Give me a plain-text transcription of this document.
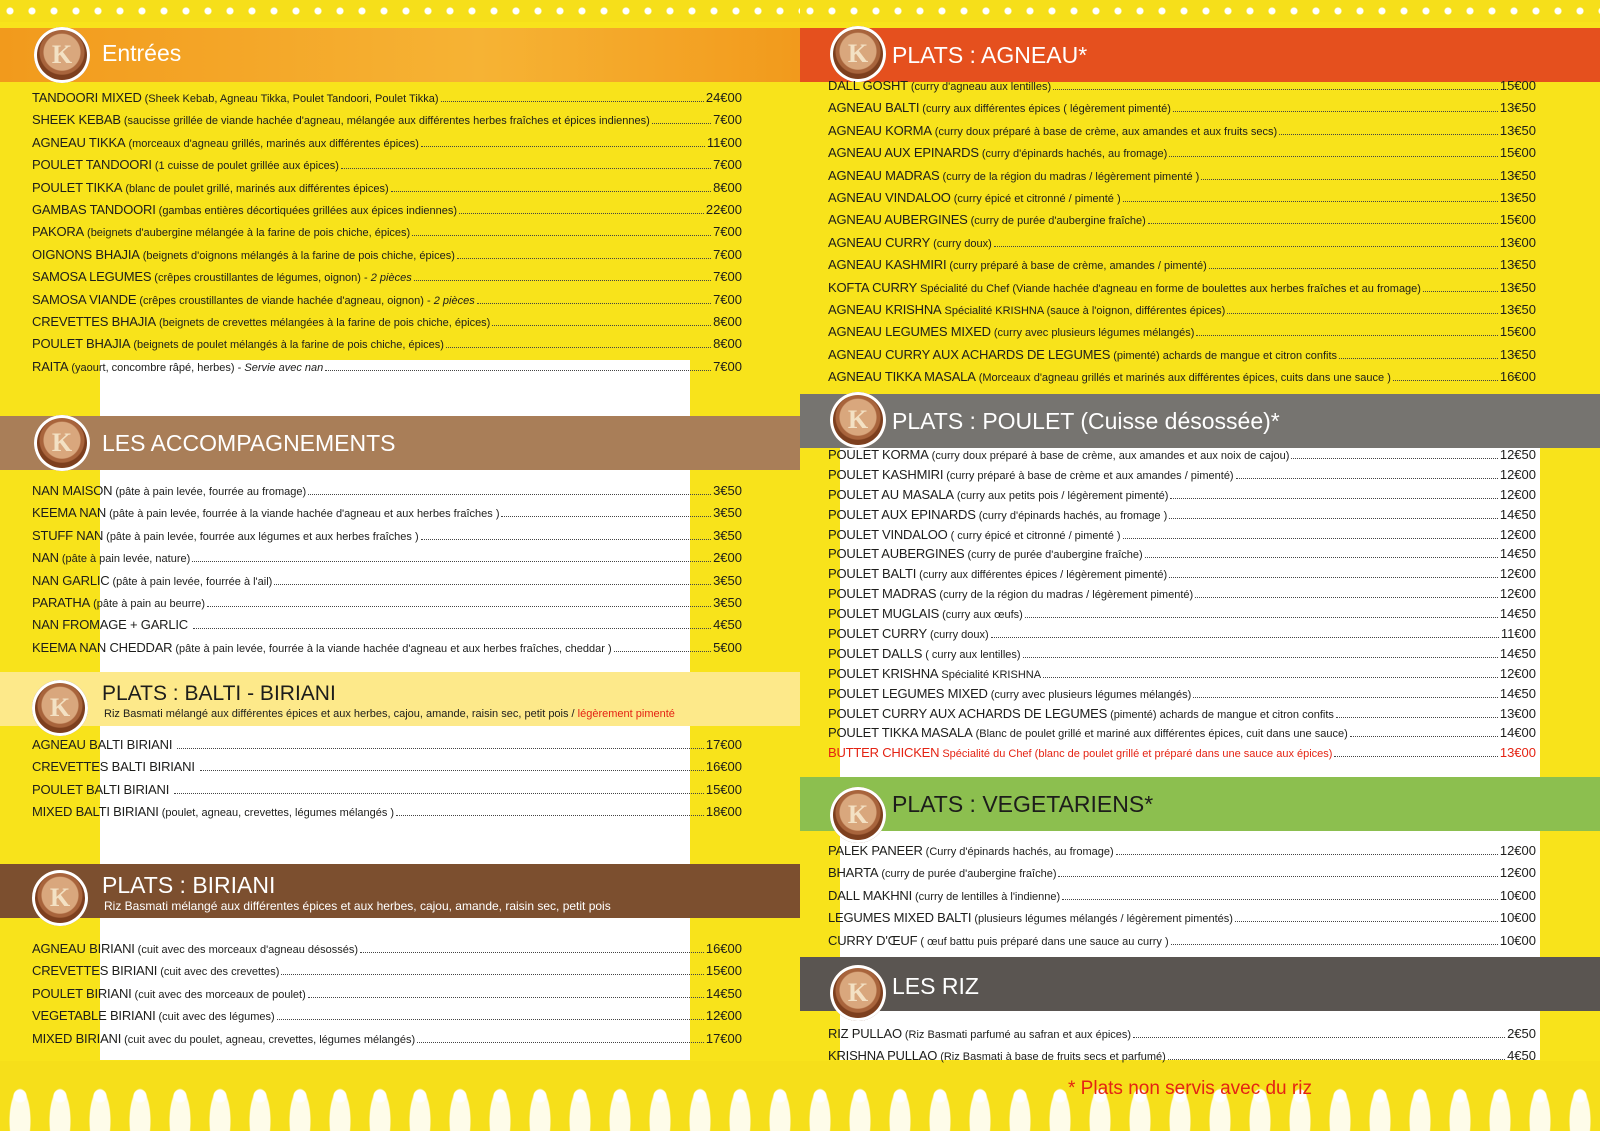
K Entrées
TANDOORI MIXED (Sheek Kebab, Agneau Tikka, Poulet Tandoori, Poulet Tikka)	24€00
SHEEK KEBAB (saucisse grillée de viande hachée d'agneau, mélangée aux différentes herbes fraîches et épices indiennes)	7€00
AGNEAU TIKKA (morceaux d'agneau grillés, marinés aux différentes épices)	11€00
POULET TANDOORI (1 cuisse de poulet grillée aux épices)	7€00
POULET TIKKA (blanc de poulet grillé, marinés aux différentes épices)	8€00
GAMBAS TANDOORI (gambas entières décortiquées grillées aux épices indiennes)	22€00
PAKORA (beignets d'aubergine mélangée à la farine de pois chiche, épices)	7€00
OIGNONS BHAJIA (beignets d'oignons mélangés à la farine de pois chiche, épices)	7€00
SAMOSA LEGUMES (crêpes croustillantes de légumes, oignon) - 2 pièces	7€00
SAMOSA VIANDE (crêpes croustillantes de viande hachée d'agneau, oignon) - 2 pièces	7€00
CREVETTES BHAJIA (beignets de crevettes mélangées à la farine de pois chiche, épices)	8€00
POULET BHAJIA (beignets de poulet mélangés à la farine de pois chiche, épices)	8€00
RAITA (yaourt, concombre râpé, herbes) - Servie avec nan	7€00
K LES ACCOMPAGNEMENTS
NAN MAISON (pâte à pain levée, fourrée au fromage)	3€50
KEEMA NAN (pâte à pain levée, fourrée à la viande hachée d'agneau et aux herbes fraîches )	3€50
STUFF NAN (pâte à pain levée, fourrée aux légumes et aux herbes fraîches )	3€50
NAN (pâte à pain levée, nature)	2€00
NAN GARLIC (pâte à pain levée, fourrée à l'ail)	3€50
PARATHA (pâte à pain au beurre)	3€50
NAN FROMAGE + GARLIC	4€50
KEEMA NAN CHEDDAR (pâte à pain levée, fourrée à la viande hachée d'agneau et aux herbes fraîches, cheddar )	5€00
K PLATS : BALTI - BIRIANI
Riz Basmati mélangé aux différentes épices et aux herbes, cajou, amande, raisin sec, petit pois / légèrement pimenté
AGNEAU BALTI BIRIANI	17€00
CREVETTES BALTI BIRIANI	16€00
POULET BALTI BIRIANI	15€00
MIXED BALTI BIRIANI (poulet, agneau, crevettes, légumes mélangés )	18€00
K PLATS : BIRIANI
Riz Basmati mélangé aux différentes épices et aux herbes, cajou, amande, raisin sec, petit pois
AGNEAU BIRIANI (cuit avec des morceaux d'agneau désossés)	16€00
CREVETTES BIRIANI (cuit avec des crevettes)	15€00
POULET BIRIANI (cuit avec des morceaux de poulet)	14€50
VEGETABLE BIRIANI (cuit avec des légumes)	12€00
MIXED BIRIANI (cuit avec du poulet, agneau, crevettes, légumes mélangés)	17€00
K PLATS : AGNEAU*
DALL GOSHT (curry d'agneau aux lentilles)	15€00
AGNEAU BALTI (curry aux différentes épices ( légèrement pimenté)	13€50
AGNEAU KORMA (curry doux préparé à base de crème, aux amandes et aux fruits secs)	13€50
AGNEAU AUX EPINARDS (curry d'épinards hachés, au fromage)	15€00
AGNEAU MADRAS (curry de la région du madras / légèrement pimenté )	13€50
AGNEAU VINDALOO (curry épicé et citronné / pimenté )	13€50
AGNEAU AUBERGINES (curry de purée d'aubergine fraîche)	15€00
AGNEAU CURRY (curry doux)	13€00
AGNEAU KASHMIRI (curry préparé à base de crème, amandes / pimenté)	13€50
KOFTA CURRY Spécialité du Chef (Viande hachée d'agneau en forme de boulettes aux herbes fraîches et au fromage)	13€50
AGNEAU KRISHNA Spécialité KRISHNA (sauce à l'oignon, différentes épices)	13€50
AGNEAU LEGUMES MIXED (curry avec plusieurs légumes mélangés)	15€00
AGNEAU CURRY AUX ACHARDS DE LEGUMES (pimenté) achards de mangue et citron confits	13€50
AGNEAU TIKKA MASALA (Morceaux d'agneau grillés et marinés aux différentes épices, cuits dans une sauce )	16€00
K PLATS : POULET (Cuisse désossée)*
POULET KORMA (curry doux préparé à base de crème, aux amandes et aux noix de cajou)	12€50
POULET KASHMIRI (curry préparé à base de crème et aux amandes / pimenté)	12€00
POULET AU MASALA (curry aux petits pois / légèrement pimenté)	12€00
POULET AUX EPINARDS (curry d'épinards hachés, au fromage )	14€50
POULET VINDALOO ( curry épicé et citronné / pimenté )	12€00
POULET AUBERGINES (curry de purée d'aubergine fraîche)	14€50
POULET BALTI (curry aux différentes épices / légèrement pimenté)	12€00
POULET MADRAS (curry de la région du madras / légèrement pimenté)	12€00
POULET MUGLAIS (curry aux œufs)	14€50
POULET CURRY (curry doux)	11€00
POULET DALLS ( curry aux lentilles)	14€50
POULET KRISHNA Spécialité KRISHNA	12€00
POULET LEGUMES MIXED (curry avec plusieurs légumes mélangés)	14€50
POULET CURRY AUX ACHARDS DE LEGUMES (pimenté) achards de mangue et citron confits	13€00
POULET TIKKA MASALA (Blanc de poulet grillé et mariné aux différentes épices, cuit dans une sauce)	14€00
BUTTER CHICKEN Spécialité du Chef (blanc de poulet grillé et préparé dans une sauce aux épices)	13€00
K PLATS : VEGETARIENS*
PALEK PANEER (Curry d'épinards hachés, au fromage)	12€00
BHARTA (curry de purée d'aubergine fraîche)	12€00
DALL MAKHNI (curry de lentilles à l'indienne)	10€00
LEGUMES MIXED BALTI (plusieurs légumes mélangés / légèrement pimentés)	10€00
CURRY D'ŒUF ( œuf battu puis préparé dans une sauce au curry )	10€00
K LES RIZ
RIZ PULLAO (Riz Basmati parfumé au safran et aux épices)	2€50
KRISHNA PULLAO (Riz Basmati à base de fruits secs et parfumé)	4€50
* Plats non servis avec du riz
